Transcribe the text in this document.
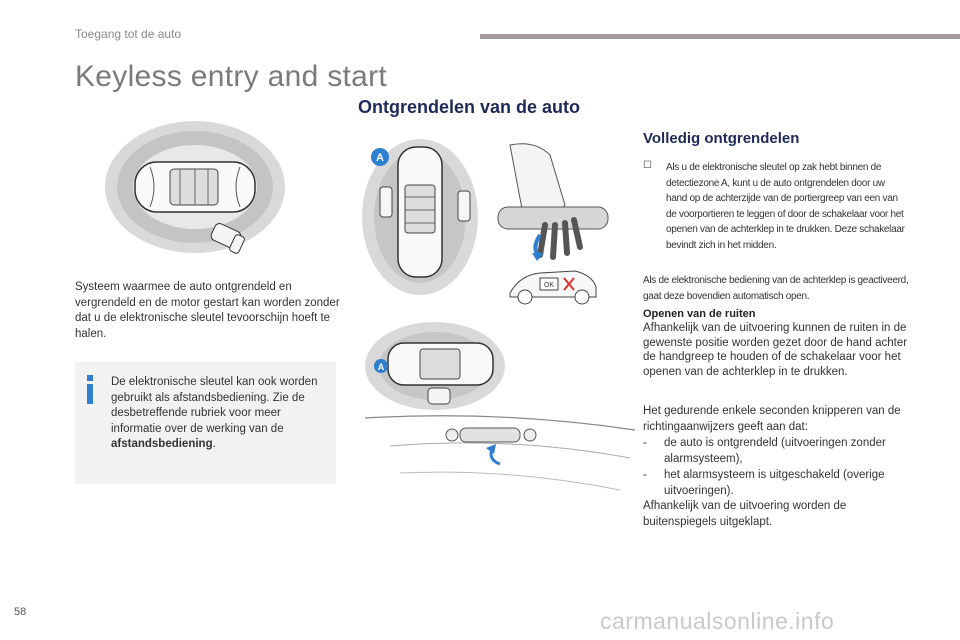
Toegang tot de auto
Keyless entry and start
Ontgrendelen van de auto
Systeem waarmee de auto ontgrendeld en vergrendeld en de motor gestart kan worden zonder dat u de elektronische sleutel tevoorschijn hoeft te halen.
De elektronische sleutel kan ook worden gebruikt als afstandsbediening. Zie de desbetreffende rubriek voor meer informatie over de werking van de afstandsbediening.
A
OK
A
Volledig ontgrendelen
☐ Als u de elektronische sleutel op zak hebt binnen de detectiezone A, kunt u de auto ontgrendelen door uw hand op de achterzijde van de portiergreep van een van de voorportieren te leggen of door de schakelaar voor het openen van de achterklep in te drukken. Deze schakelaar bevindt zich in het midden.
Als de elektronische bediening van de achterklep is geactiveerd, gaat deze bovendien automatisch open.
Openen van de ruiten
Afhankelijk van de uitvoering kunnen de ruiten in de gewenste positie worden gezet door de hand achter de handgreep te houden of de schakelaar voor het openen van de achterklep in te drukken.
Het gedurende enkele seconden knipperen van de richtingaanwijzers geeft aan dat:
- de auto is ontgrendeld (uitvoeringen zonder alarmsysteem),
- het alarmsysteem is uitgeschakeld (overige uitvoeringen).
Afhankelijk van de uitvoering worden de buitenspiegels uitgeklapt.
58	carmanualsonline.info
